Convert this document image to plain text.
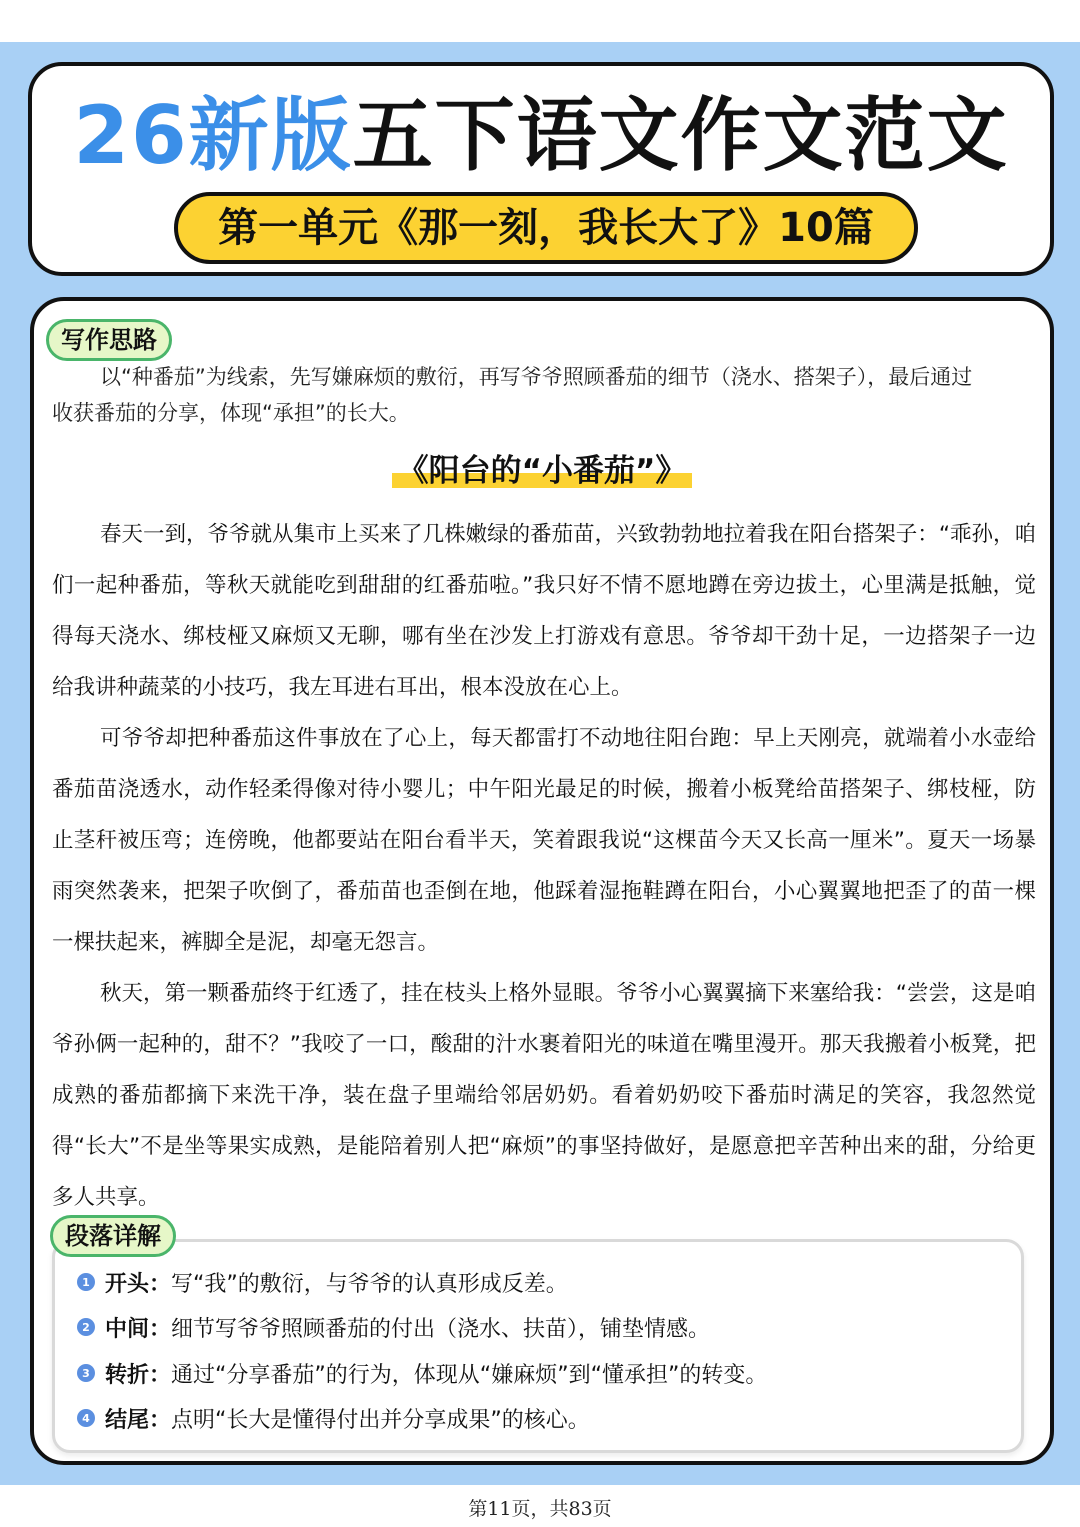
26新版五下语文作文范文
第一单元《那一刻，我长大了》10篇
写作思路

以“种番茄”为线索，先写嫌麻烦的敷衍，再写爷爷照顾番茄的细节（浇水、搭架子），最后通过收获番茄的分享，体现“承担”的长大。

《阳台的“小番茄”》

春天一到，爷爷就从集市上买来了几株嫩绿的番茄苗，兴致勃勃地拉着我在阳台搭架子：“乖孙，咱们一起种番茄，等秋天就能吃到甜甜的红番茄啦。”我只好不情不愿地蹲在旁边拔土，心里满是抵触，觉得每天浇水、绑枝桠又麻烦又无聊，哪有坐在沙发上打游戏有意思。爷爷却干劲十足，一边搭架子一边给我讲种蔬菜的小技巧，我左耳进右耳出，根本没放在心上。

可爷爷却把种番茄这件事放在了心上，每天都雷打不动地往阳台跑：早上天刚亮，就端着小水壶给番茄苗浇透水，动作轻柔得像对待小婴儿；中午阳光最足的时候，搬着小板凳给苗搭架子、绑枝桠，防止茎秆被压弯；连傍晚，他都要站在阳台看半天，笑着跟我说“这棵苗今天又长高一厘米”。夏天一场暴雨突然袭来，把架子吹倒了，番茄苗也歪倒在地，他踩着湿拖鞋蹲在阳台，小心翼翼地把歪了的苗一棵一棵扶起来，裤脚全是泥，却毫无怨言。

秋天，第一颗番茄终于红透了，挂在枝头上格外显眼。爷爷小心翼翼摘下来塞给我：“尝尝，这是咱爷孙俩一起种的，甜不？”我咬了一口，酸甜的汁水裹着阳光的味道在嘴里漫开。那天我搬着小板凳，把成熟的番茄都摘下来洗干净，装在盘子里端给邻居奶奶。看着奶奶咬下番茄时满足的笑容，我忽然觉得“长大”不是坐等果实成熟，是能陪着别人把“麻烦”的事坚持做好，是愿意把辛苦种出来的甜，分给更多人共享。

1 开头： 写“我”的敷衍，与爷爷的认真形成反差。
2 中间： 细节写爷爷照顾番茄的付出（浇水、扶苗），铺垫情感。
3 转折： 通过“分享番茄”的行为，体现从“嫌麻烦”到“懂承担”的转变。
4 结尾： 点明“长大是懂得付出并分享成果”的核心。
段落详解
第11页，共83页
